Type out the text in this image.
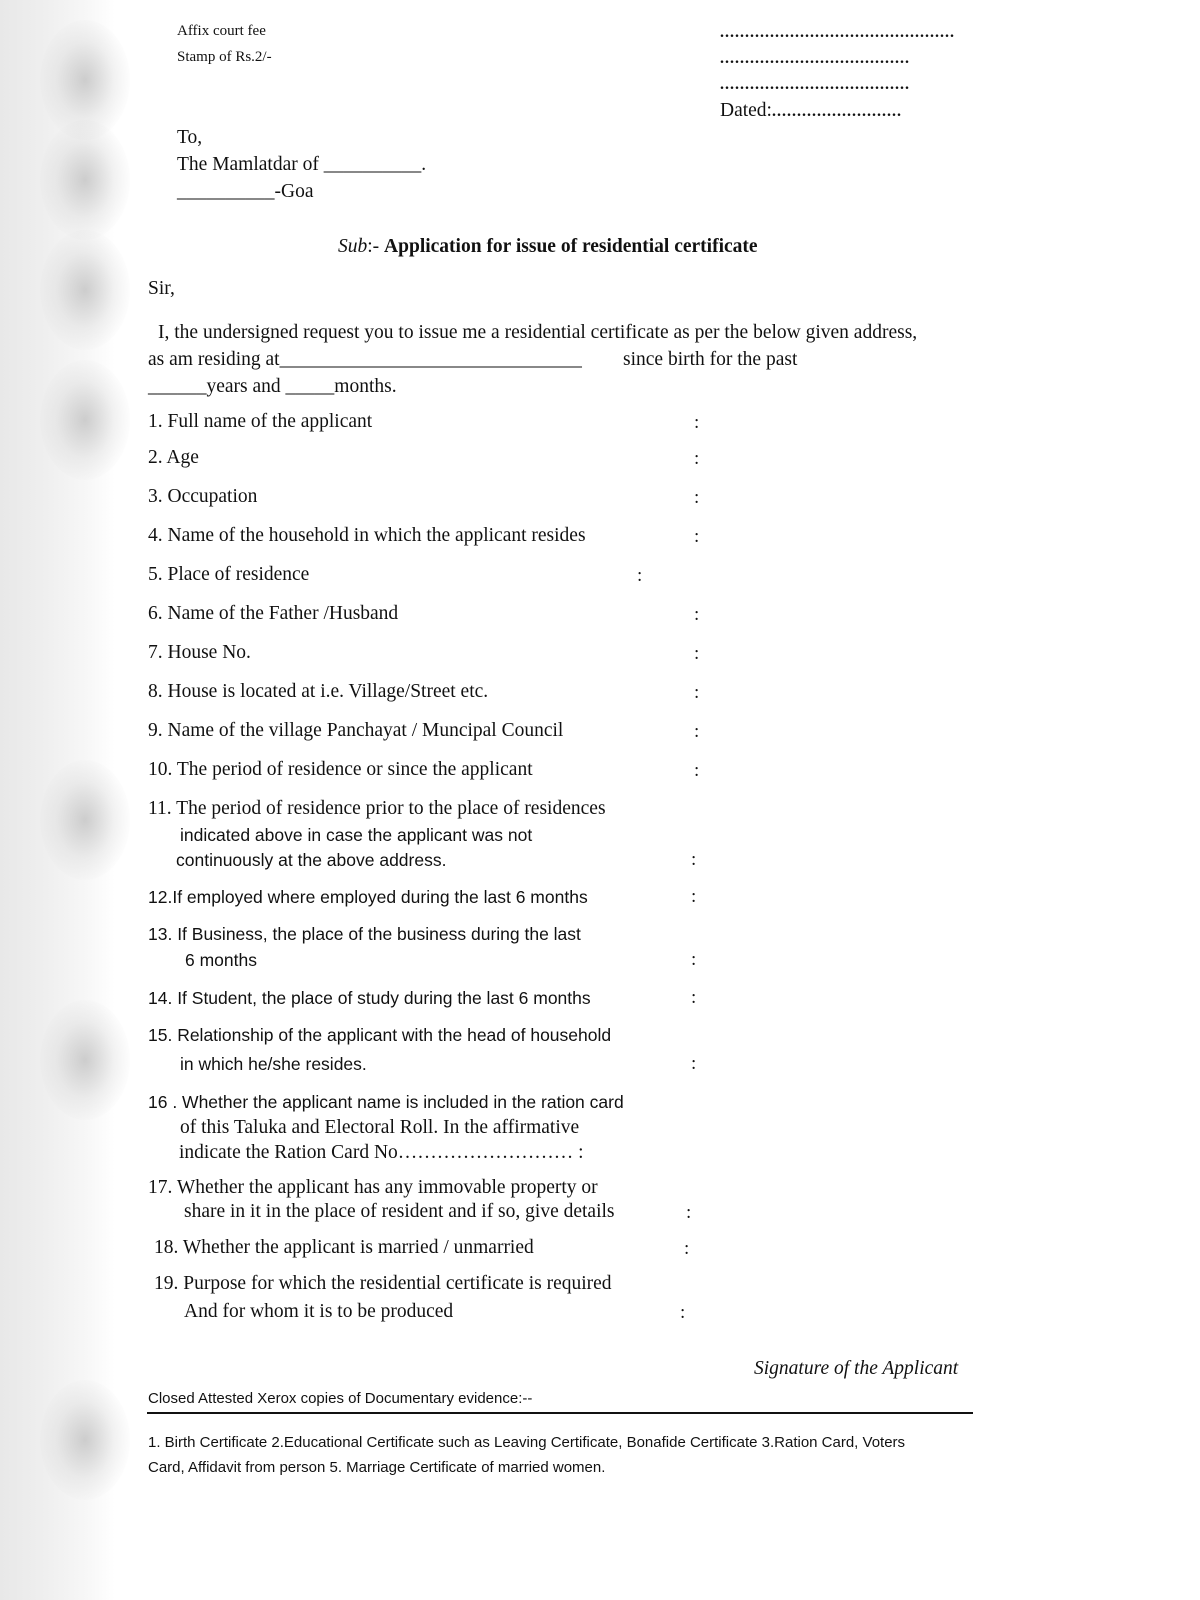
Affix court fee
Stamp of Rs.2/-
...............................................
......................................
......................................
Dated:..........................
To,
The Mamlatdar of __________.
__________-Goa
Sub:- Application for issue of residential certificate
Sir,
I, the undersigned request you to issue me a residential certificate as per the below given address,
as am residing at_______________________________ since birth for the past
______years and _____months.
1. Full name of the applicant	:
2. Age	:
3. Occupation	:
4. Name of the household in which the applicant resides	:
5. Place of residence	:
6. Name of the Father /Husband	:
7. House No.	:
8. House is located at i.e. Village/Street etc.	:
9. Name of the village Panchayat / Muncipal Council	:
10. The period of residence or since the applicant	:
11. The period of residence prior to the place of residences
indicated above in case the applicant was not
continuously at the above address.	:
12.If employed where employed during the last 6 months	:
13. If Business, the place of the business during the last
6 months	:
14. If Student, the place of study during the last 6 months	:
15. Relationship of the applicant with the head of household
in which he/she resides.	:
16 . Whether the applicant name is included in the ration card
of this Taluka and Electoral Roll. In the affirmative
indicate the Ration Card No……………………… :
17. Whether the applicant has any immovable property or
share in it in the place of resident and if so, give details	:
18. Whether the applicant is married / unmarried	:
19. Purpose for which the residential certificate is required
And for whom it is to be produced	:
Signature of the Applicant
Closed Attested Xerox copies of Documentary evidence:--
1. Birth Certificate 2.Educational Certificate such as Leaving Certificate, Bonafide Certificate 3.Ration Card, Voters
Card, Affidavit from person 5. Marriage Certificate of married women.
